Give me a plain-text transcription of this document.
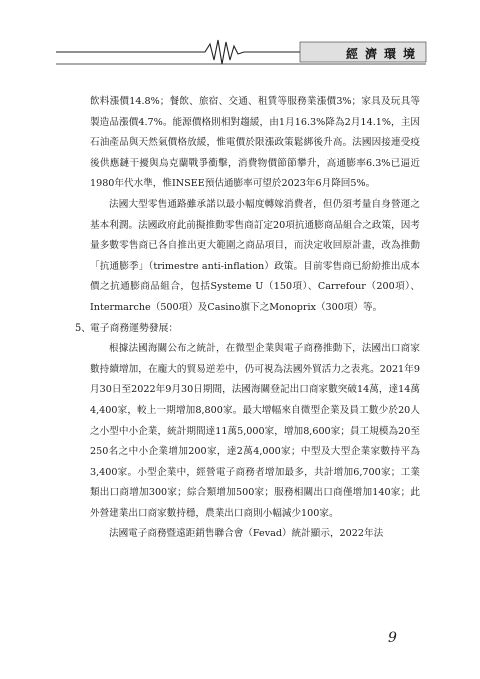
經濟環境

飲料漲價14.8%；餐飲、旅宿、交通、租賃等服務業漲價3%；家具及玩具等製造品漲價4.7%。能源價格則相對趨緩，由1月16.3%降為2月14.1%，主因石油產品與天然氣價格放緩，惟電價於限漲政策鬆綁後升高。法國因接連受疫後供應鏈干擾與烏克蘭戰爭衝擊，消費物價節節攀升，高通膨率6.3%已逼近1980年代水準，惟INSEE預估通膨率可望於2023年6月降回5%。

法國大型零售通路雖承諾以最小幅度轉嫁消費者，但仍須考量自身營運之基本利潤。法國政府此前擬推動零售商訂定20項抗通膨商品組合之政策，因考量多數零售商已各自推出更大範圍之商品項目，而決定收回原計畫，改為推動「抗通膨季」（trimestre anti-inflation）政策。目前零售商已紛紛推出成本價之抗通膨商品組合，包括Systeme U（150項）、Carrefour（200項）、Intermarche（500項）及Casino旗下之Monoprix（300項）等。

5、
電子商務運勢發展：

根據法國海關公布之統計，在微型企業與電子商務推動下，法國出口商家數持續增加，在龐大的貿易逆差中，仍可視為法國外貿活力之表兆。2021年9月30日至2022年9月30日期間，法國海關登記出口商家數突破14萬，達14萬4,400家，較上一期增加8,800家。最大增幅來自微型企業及員工數少於20人之小型中小企業，統計期間達11萬5,000家，增加8,600家；員工規模為20至250名之中小企業增加200家，達2萬4,000家；中型及大型企業家數持平為3,400家。小型企業中，經營電子商務者增加最多，共計增加6,700家；工業類出口商增加300家；綜合類增加500家；服務相關出口商僅增加140家；此外營建業出口商家數持穩，農業出口商則小幅減少100家。

法國電子商務暨遠距銷售聯合會（Fevad）統計顯示，2022年法

9
